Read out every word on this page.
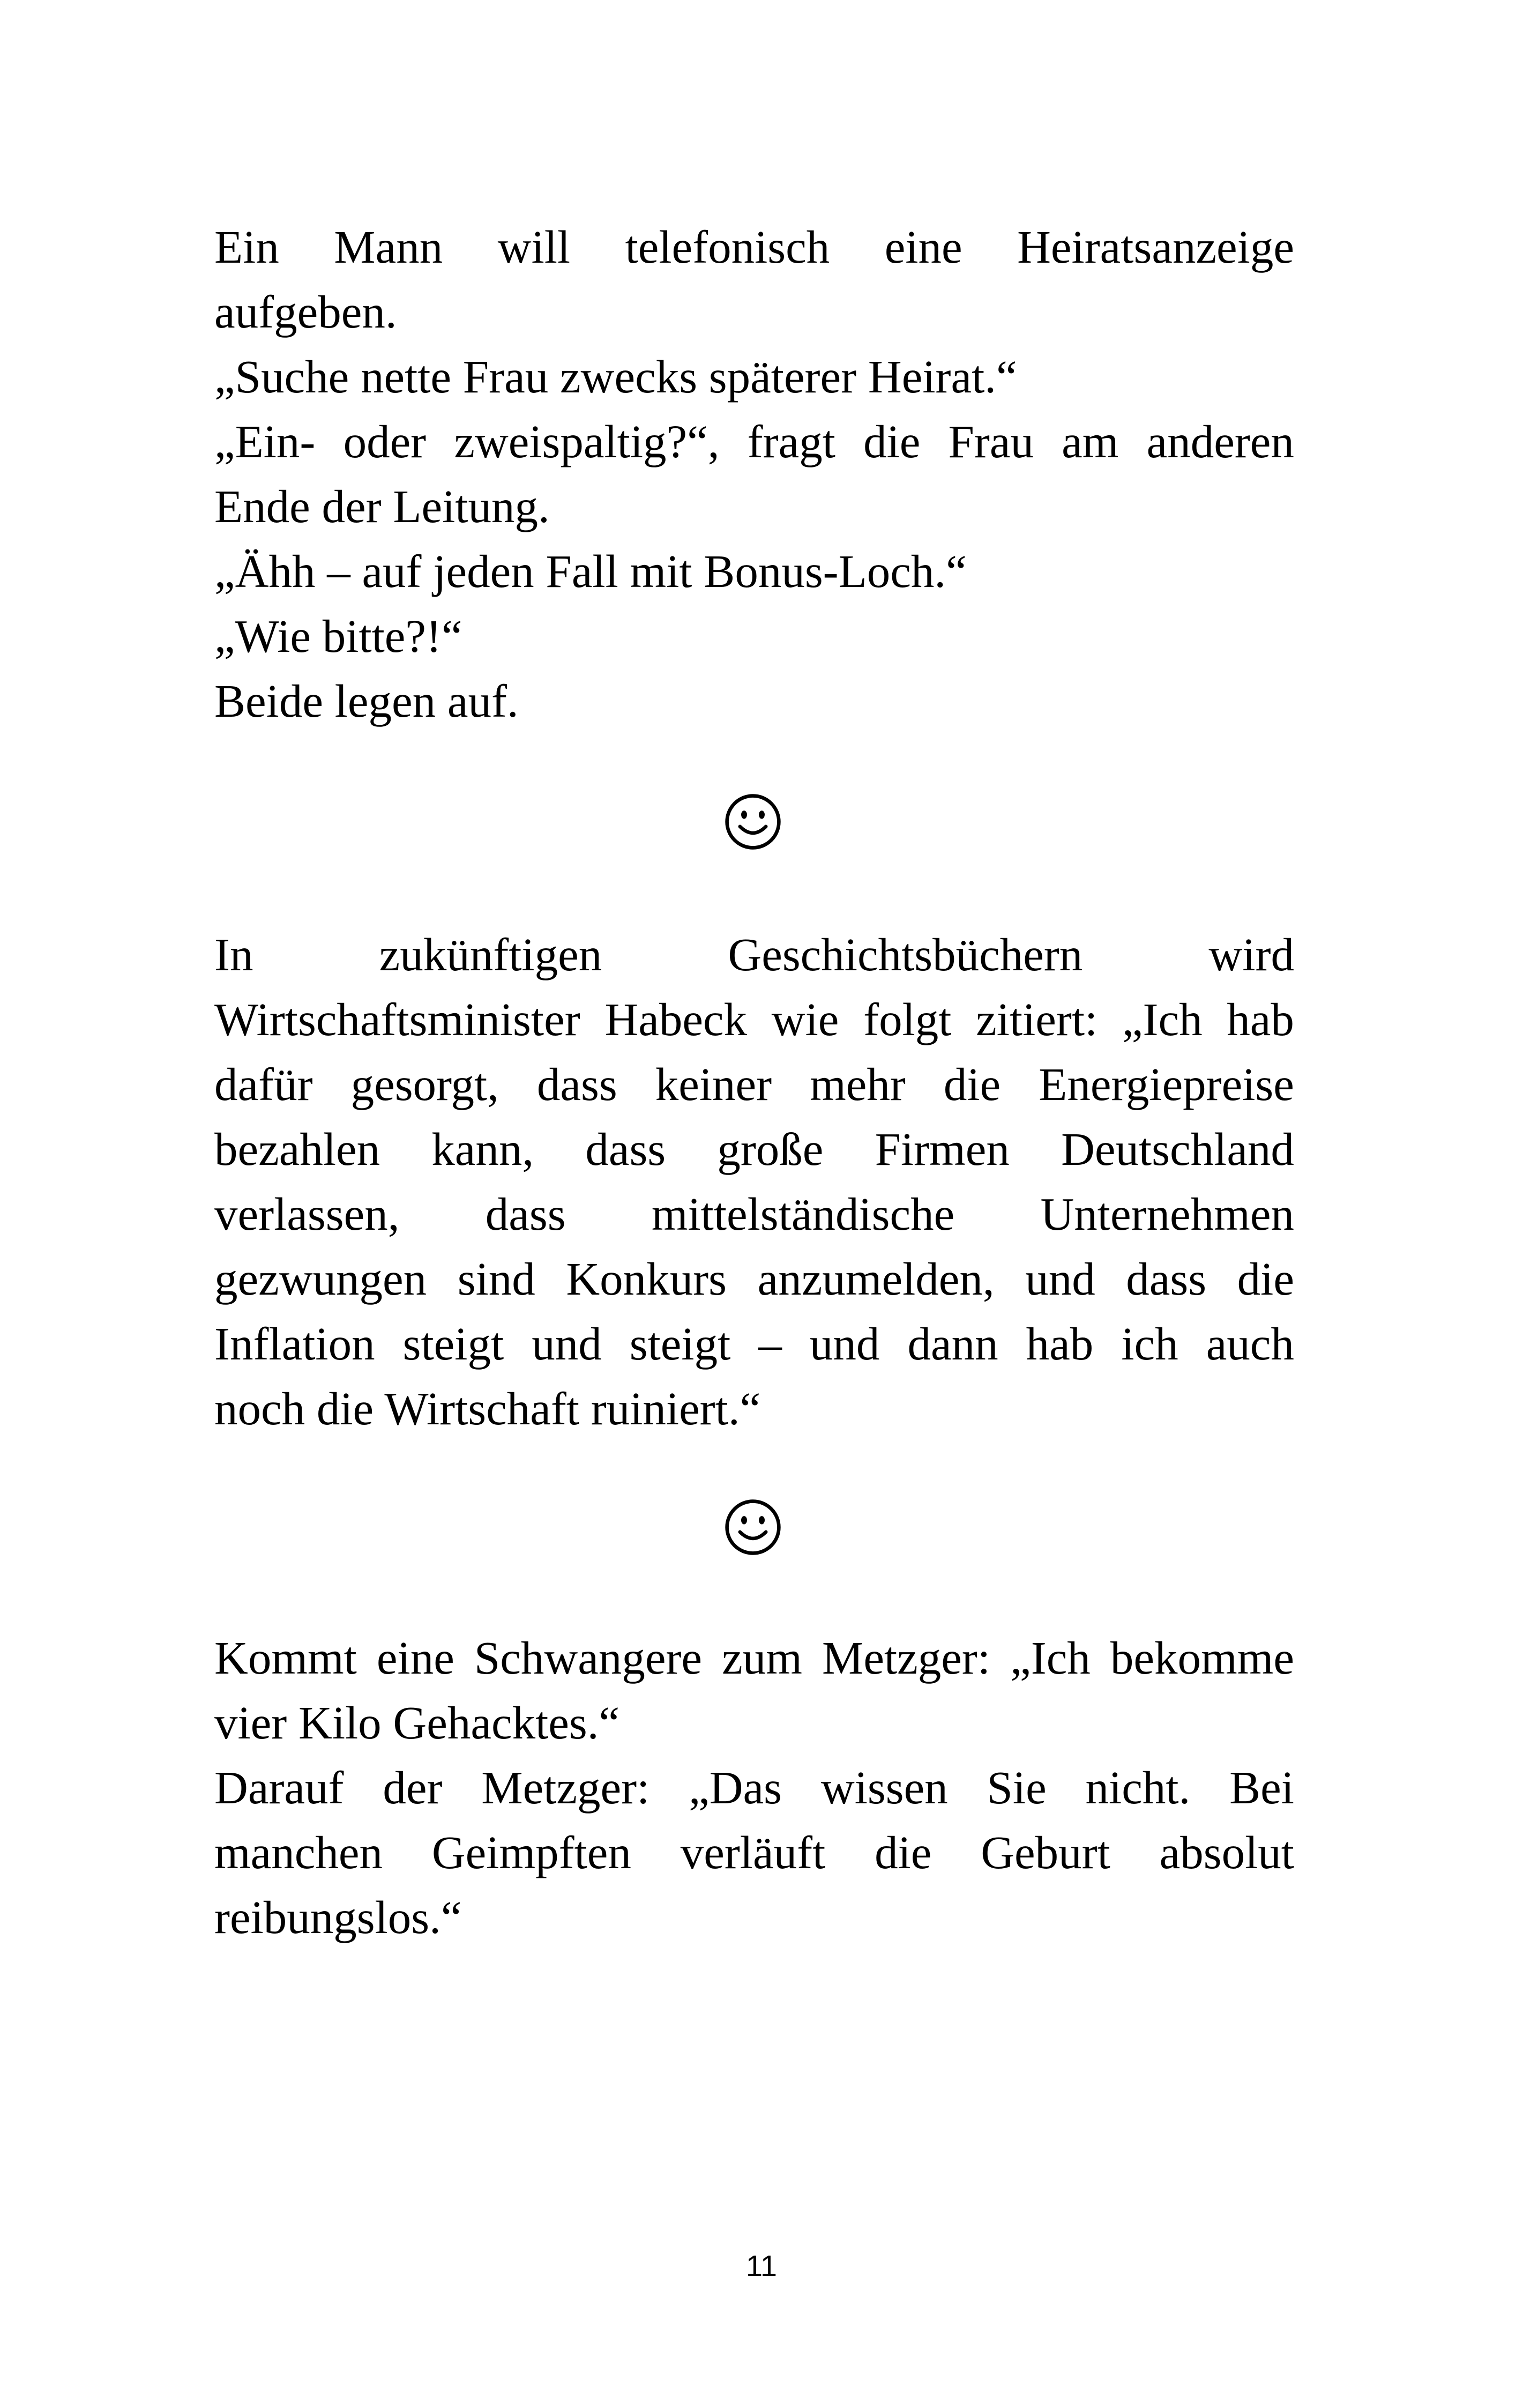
Ein Mann will telefonisch eine Heiratsanzeige
aufgeben.
„Suche nette Frau zwecks späterer Heirat.“
„Ein- oder zweispaltig?“, fragt die Frau am anderen
Ende der Leitung.
„Ähh – auf jeden Fall mit Bonus-Loch.“
„Wie bitte?!“
Beide legen auf.
In	zukünftigen	Geschichtsbüchern	wird
Wirtschaftsminister Habeck wie folgt zitiert: „Ich hab
dafür gesorgt, dass keiner mehr die Energiepreise
bezahlen kann, dass große Firmen Deutschland
verlassen, dass mittelständische Unternehmen
gezwungen sind Konkurs anzumelden, und dass die
Inflation steigt und steigt – und dann hab ich auch
noch die Wirtschaft ruiniert.“
Kommt eine Schwangere zum Metzger: „Ich bekomme
vier Kilo Gehacktes.“
Darauf der Metzger: „Das wissen Sie nicht. Bei
manchen Geimpften verläuft die Geburt absolut
reibungslos.“
11
